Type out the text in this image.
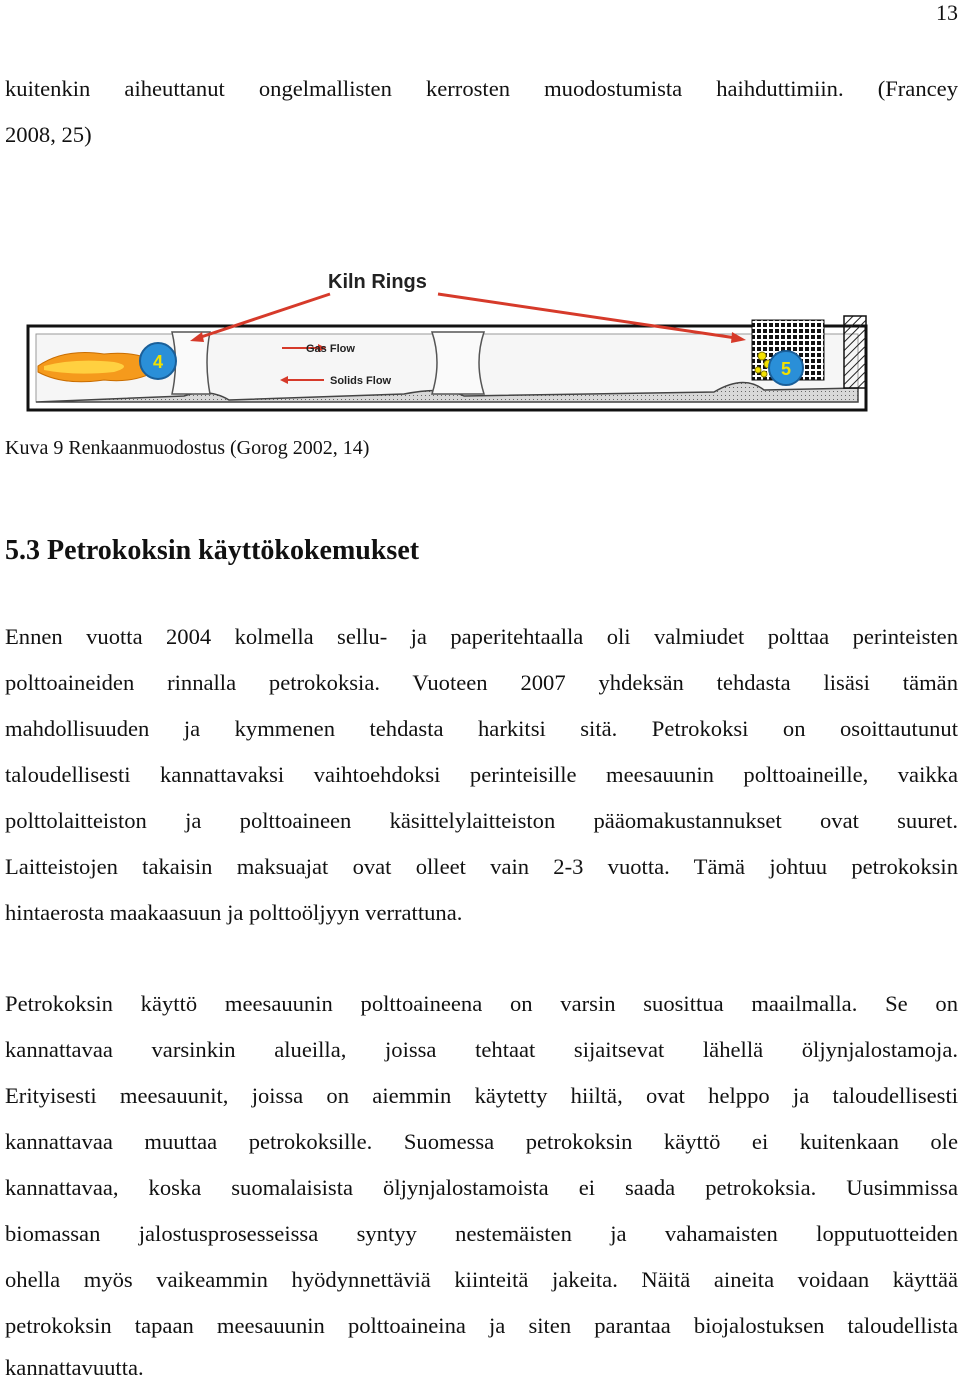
13
kuitenkin aiheuttanut ongelmallisten kerrosten muodostumista haihduttimiin. (Francey
2008, 25)
Kiln Rings
4	5
Gas Flow
Solids Flow
Kuva 9 Renkaanmuodostus (Gorog 2002, 14)
5.3 Petrokoksin käyttökokemukset
Ennen vuotta 2004 kolmella sellu- ja paperitehtaalla oli valmiudet polttaa perinteisten
polttoaineiden rinnalla petrokoksia. Vuoteen 2007 yhdeksän tehdasta lisäsi tämän
mahdollisuuden ja kymmenen tehdasta harkitsi sitä. Petrokoksi on osoittautunut
taloudellisesti kannattavaksi vaihtoehdoksi perinteisille meesauunin polttoaineille, vaikka
polttolaitteiston ja polttoaineen käsittelylaitteiston pääomakustannukset ovat suuret.
Laitteistojen takaisin maksuajat ovat olleet vain 2-3 vuotta. Tämä johtuu petrokoksin
hintaerosta maakaasuun ja polttoöljyyn verrattuna.
Petrokoksin käyttö meesauunin polttoaineena on varsin suosittua maailmalla. Se on
kannattavaa varsinkin alueilla, joissa tehtaat sijaitsevat lähellä öljynjalostamoja.
Erityisesti meesauunit, joissa on aiemmin käytetty hiiltä, ovat helppo ja taloudellisesti
kannattavaa muuttaa petrokoksille. Suomessa petrokoksin käyttö ei kuitenkaan ole
kannattavaa, koska suomalaisista öljynjalostamoista ei saada petrokoksia. Uusimmissa
biomassan jalostusprosesseissa syntyy nestemäisten ja vahamaisten lopputuotteiden
ohella myös vaikeammin hyödynnettäviä kiinteitä jakeita. Näitä aineita voidaan käyttää
petrokoksin tapaan meesauunin polttoaineina ja siten parantaa biojalostuksen taloudellista
kannattavuutta.
